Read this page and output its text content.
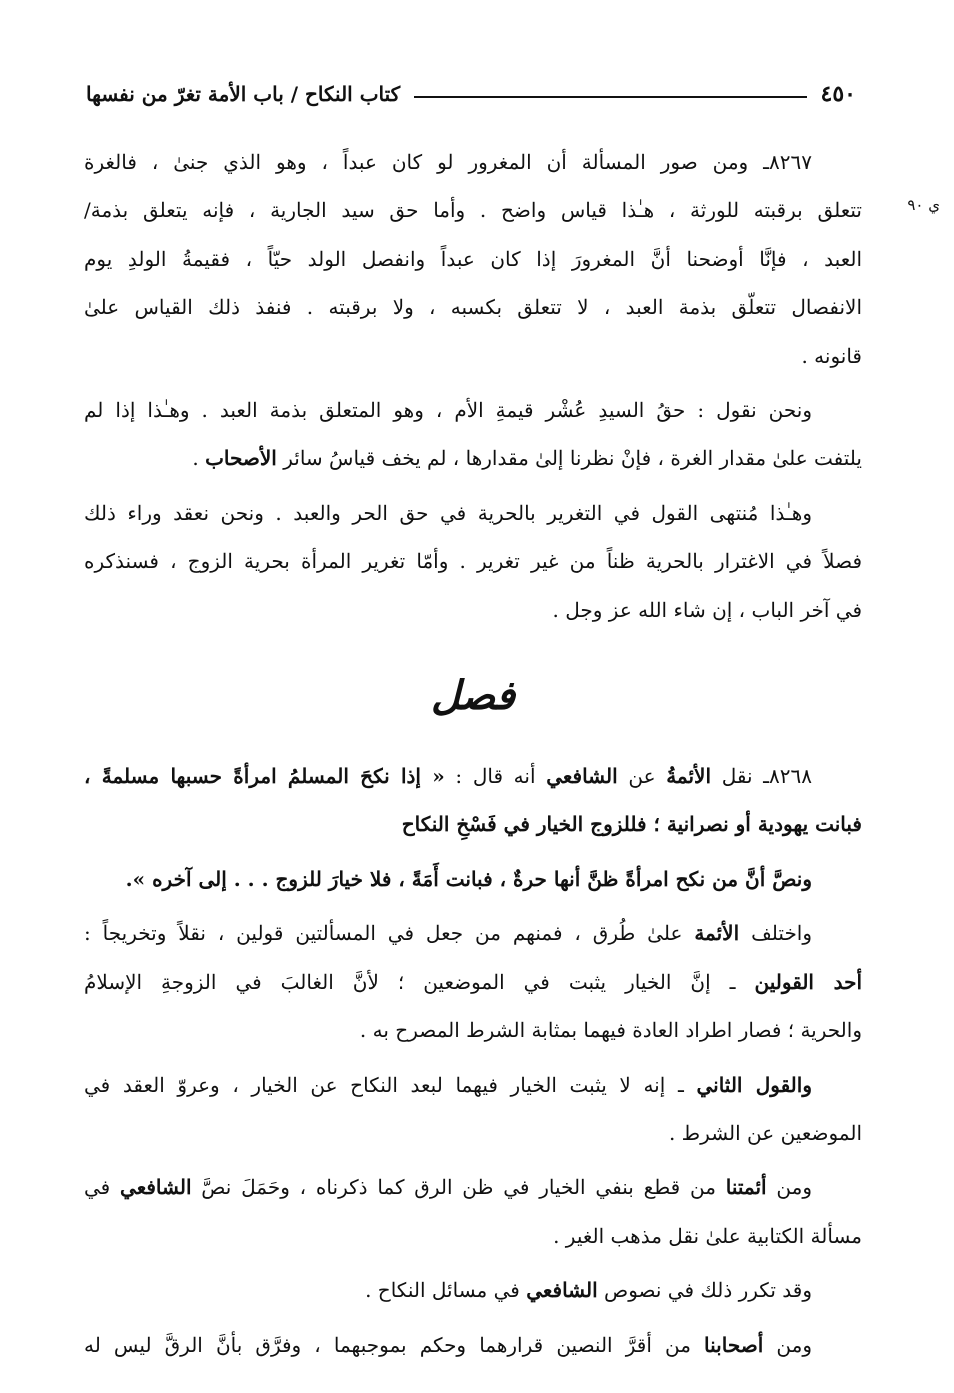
٤٥٠
كتاب النكاح / باب الأمة تغرّ من نفسها
ي ٩٠
٨٢٦٧ـ ومن صور المسألة أن المغرور لو كان عبداً ، وهو الذي جنىٰ ، فالغرة
تتعلق برقبته للورثة ، هـٰذا قياس واضح . وأما حق سيد الجارية ، فإنه يتعلق بذمة/
العبد ، فإنَّا أوضحنا أنَّ المغرورَ إذا كان عبداً وانفصل الولد حيّاً ، فقيمةُ الولدِ يوم
الانفصال تتعلّق بذمة العبد ، لا تتعلق بكسبه ، ولا برقبته . فنفذ ذلك القياس علىٰ
قانونه .
ونحن نقول : حقُ السيدِ عُشْر قيمةِ الأم ، وهو المتعلق بذمة العبد . وهـٰذا إذا لم
يلتفت علىٰ مقدار الغرة ، فإنْ نظرنا إلىٰ مقدارها ، لم يخف قياسُ سائر الأصحاب .
وهـٰذا مُنتهى القول في التغرير بالحرية في حق الحر والعبد . ونحن نعقد وراء ذلك
فصلاً في الاغترار بالحرية ظناً من غير تغرير . وأمّا تغرير المرأة بحرية الزوج ، فسنذكره
في آخر الباب ، إن شاء الله عز وجل .
فصل
٨٢٦٨ـ نقل الأئمةُ عن الشافعي أنه قال : « إذا نكحَ المسلمُ امرأةً حسبها مسلمةً ،
فبانت يهودية أو نصرانية ؛ فللزوج الخيار في فَسْخِ النكاح
ونصَّ أنَّ من نكح امرأةً ظنَّ أنها حرةٌ ، فبانت أَمَةً ، فلا خيارَ للزوج . . . إلى آخره ».
واختلف الأئمة علىٰ طُرق ، فمنهم من جعل في المسألتين قولين ، نقلاً وتخريجاً :
أحد القولين ـ إنَّ الخيار يثبت في الموضعين ؛ لأنَّ الغالبَ في الزوجةِ الإسلامُ
والحرية ؛ فصار اطراد العادة فيهما بمثابة الشرط المصرح به .
والقول الثاني ـ إنه لا يثبت الخيار فيهما لبعد النكاح عن الخيار ، وعروّ العقد في
الموضعين عن الشرط .
ومن أئمتنا من قطع بنفي الخيار في ظن الرق كما ذكرناه ، وحَمَلَ نصَّ الشافعي في
مسألة الكتابية علىٰ نقل مذهب الغير .
وقد تكرر ذلك في نصوص الشافعي في مسائل النكاح .
ومن أصحابنا من أقرَّ النصين قرارهما وحكم بموجبهما ، وفرَّق بأنَّ الرقَّ ليس له
